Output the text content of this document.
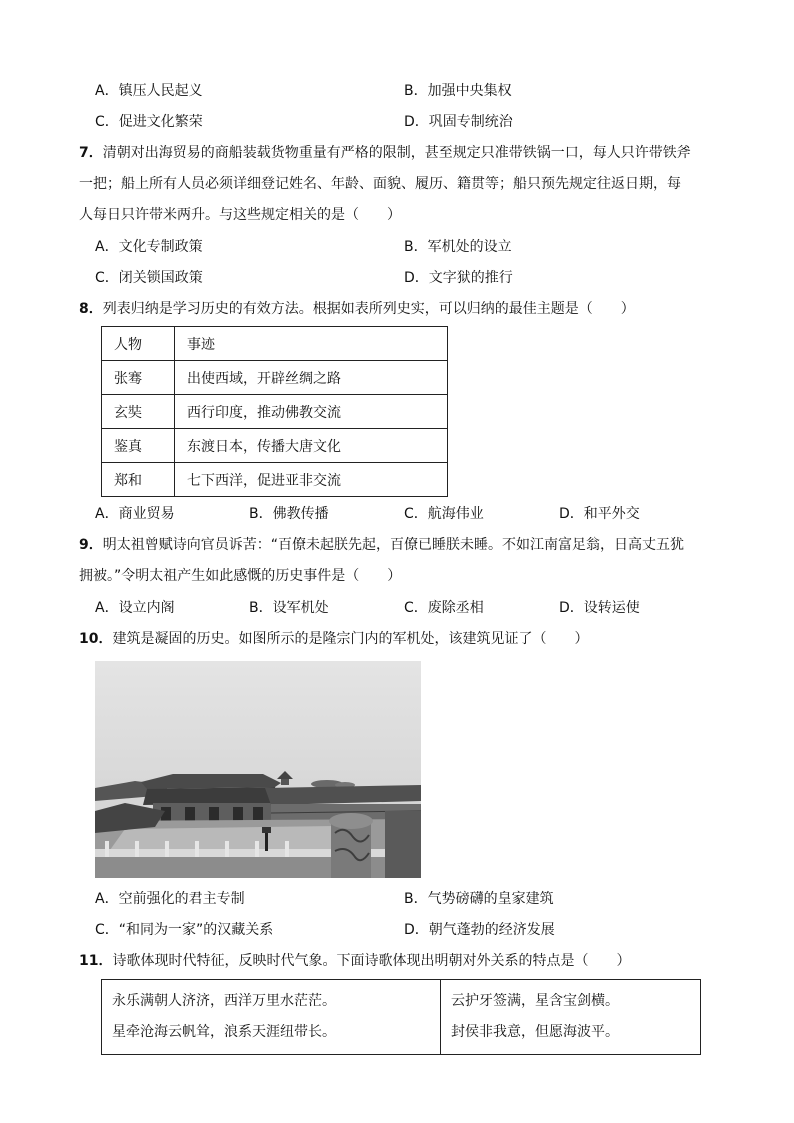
A．镇压人民起义	B．加强中央集权
C．促进文化繁荣	D．巩固专制统治
7．清朝对出海贸易的商船装载货物重量有严格的限制，甚至规定只准带铁锅一口，每人只许带铁斧
一把；船上所有人员必须详细登记姓名、年龄、面貌、履历、籍贯等；船只预先规定往返日期，每
人每日只许带米两升。与这些规定相关的是（　　）
A．文化专制政策	B．军机处的设立
C．闭关锁国政策	D．文字狱的推行
8．列表归纳是学习历史的有效方法。根据如表所列史实，可以归纳的最佳主题是（　　）
人物	事迹
张骞	出使西域，开辟丝绸之路
玄奘	西行印度，推动佛教交流
鉴真	东渡日本，传播大唐文化
郑和	七下西洋，促进亚非交流
A．商业贸易	B．佛教传播	C．航海伟业	D．和平外交
9．明太祖曾赋诗向官员诉苦：“百僚未起朕先起，百僚已睡朕未睡。不如江南富足翁，日高丈五犹
拥被。”令明太祖产生如此感慨的历史事件是（　　）
A．设立内阁	B．设军机处	C．废除丞相	D．设转运使
10．建筑是凝固的历史。如图所示的是隆宗门内的军机处，该建筑见证了（　　）
A．空前强化的君主专制	B．气势磅礴的皇家建筑
C．“和同为一家”的汉藏关系	D．朝气蓬勃的经济发展
11．诗歌体现时代特征，反映时代气象。下面诗歌体现出明朝对外关系的特点是（　　）
永乐满朝人济济，西洋万里水茫茫。
星牵沧海云帆耸，浪系天涯纽带长。

云护牙签满，星含宝剑横。
封侯非我意，但愿海波平。
